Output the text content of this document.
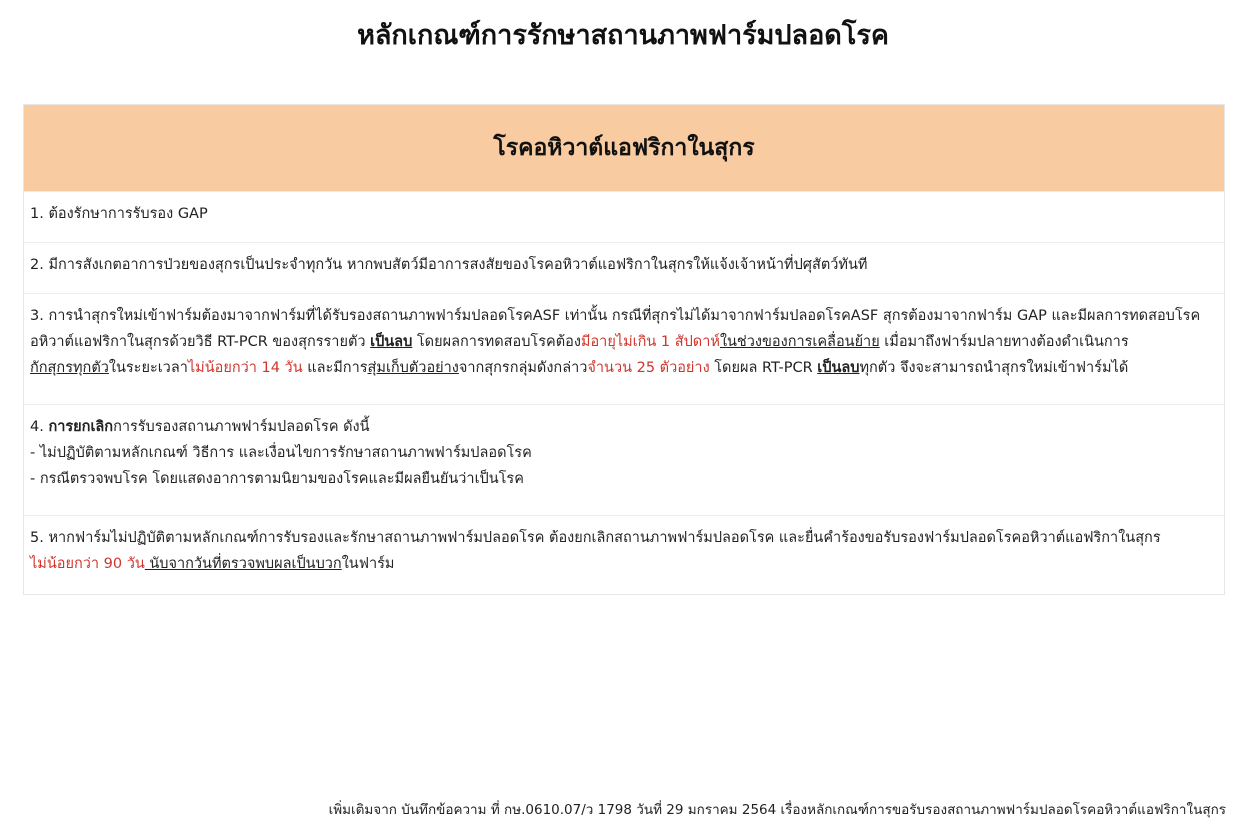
หลักเกณฑ์การรักษาสถานภาพฟาร์มปลอดโรค
โรคอหิวาต์แอฟริกาในสุกร
1. ต้องรักษาการรับรอง GAP
2. มีการสังเกตอาการป่วยของสุกรเป็นประจำทุกวัน หากพบสัตว์มีอาการสงสัยของโรคอหิวาต์แอฟริกาในสุกรให้แจ้งเจ้าหน้าที่ปศุสัตว์ทันที
3. การนำสุกรใหม่เข้าฟาร์มต้องมาจากฟาร์มที่ได้รับรองสถานภาพฟาร์มปลอดโรคASF เท่านั้น กรณีที่สุกรไม่ได้มาจากฟาร์มปลอดโรคASF สุกรต้องมาจากฟาร์ม GAP และมีผลการทดสอบโรคอหิวาต์แอฟริกาในสุกรด้วยวิธี RT-PCR ของสุกรรายตัว เป็นลบ โดยผลการทดสอบโรคต้องมีอายุไม่เกิน 1 สัปดาห์ในช่วงของการเคลื่อนย้าย เมื่อมาถึงฟาร์มปลายทางต้องดำเนินการ
กักสุกรทุกตัวในระยะเวลาไม่น้อยกว่า 14 วัน และมีการสุ่มเก็บตัวอย่างจากสุกรกลุ่มดังกล่าวจำนวน 25 ตัวอย่าง โดยผล RT-PCR เป็นลบทุกตัว จึงจะสามารถนำสุกรใหม่เข้าฟาร์มได้
4. การยกเลิกการรับรองสถานภาพฟาร์มปลอดโรค ดังนี้
- ไม่ปฏิบัติตามหลักเกณฑ์ วิธีการ และเงื่อนไขการรักษาสถานภาพฟาร์มปลอดโรค
- กรณีตรวจพบโรค โดยแสดงอาการตามนิยามของโรคและมีผลยืนยันว่าเป็นโรค
5. หากฟาร์มไม่ปฏิบัติตามหลักเกณฑ์การรับรองและรักษาสถานภาพฟาร์มปลอดโรค ต้องยกเลิกสถานภาพฟาร์มปลอดโรค และยื่นคำร้องขอรับรองฟาร์มปลอดโรคอหิวาต์แอฟริกาในสุกร
ไม่น้อยกว่า 90 วัน นับจากวันที่ตรวจพบผลเป็นบวกในฟาร์ม
เพิ่มเติมจาก บันทึกข้อความ ที่ กษ.0610.07/ว 1798 วันที่ 29 มกราคม 2564 เรื่องหลักเกณฑ์การขอรับรองสถานภาพฟาร์มปลอดโรคอหิวาต์แอฟริกาในสุกร
